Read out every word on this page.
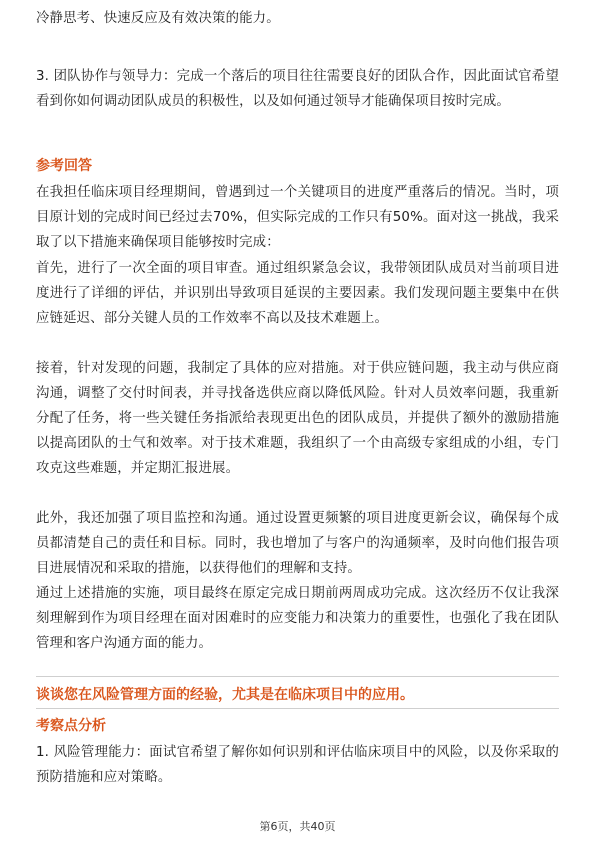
冷静思考、快速反应及有效决策的能力。

3. 团队协作与领导力：完成一个落后的项目往往需要良好的团队合作，因此面试官希望看到你如何调动团队成员的积极性，以及如何通过领导才能确保项目按时完成。

参考回答

在我担任临床项目经理期间，曾遇到过一个关键项目的进度严重落后的情况。当时，项目原计划的完成时间已经过去70%，但实际完成的工作只有50%。面对这一挑战，我采取了以下措施来确保项目能够按时完成：

首先，进行了一次全面的项目审查。通过组织紧急会议，我带领团队成员对当前项目进度进行了详细的评估，并识别出导致项目延误的主要因素。我们发现问题主要集中在供应链延迟、部分关键人员的工作效率不高以及技术难题上。

接着，针对发现的问题，我制定了具体的应对措施。对于供应链问题，我主动与供应商沟通，调整了交付时间表，并寻找备选供应商以降低风险。针对人员效率问题，我重新分配了任务，将一些关键任务指派给表现更出色的团队成员，并提供了额外的激励措施以提高团队的士气和效率。对于技术难题，我组织了一个由高级专家组成的小组，专门攻克这些难题，并定期汇报进展。

此外，我还加强了项目监控和沟通。通过设置更频繁的项目进度更新会议，确保每个成员都清楚自己的责任和目标。同时，我也增加了与客户的沟通频率，及时向他们报告项目进展情况和采取的措施，以获得他们的理解和支持。

通过上述措施的实施，项目最终在原定完成日期前两周成功完成。这次经历不仅让我深刻理解到作为项目经理在面对困难时的应变能力和决策力的重要性，也强化了我在团队管理和客户沟通方面的能力。

谈谈您在风险管理方面的经验，尤其是在临床项目中的应用。
考察点分析

1. 风险管理能力：面试官希望了解你如何识别和评估临床项目中的风险，以及你采取的预防措施和应对策略。

第6页，共40页
